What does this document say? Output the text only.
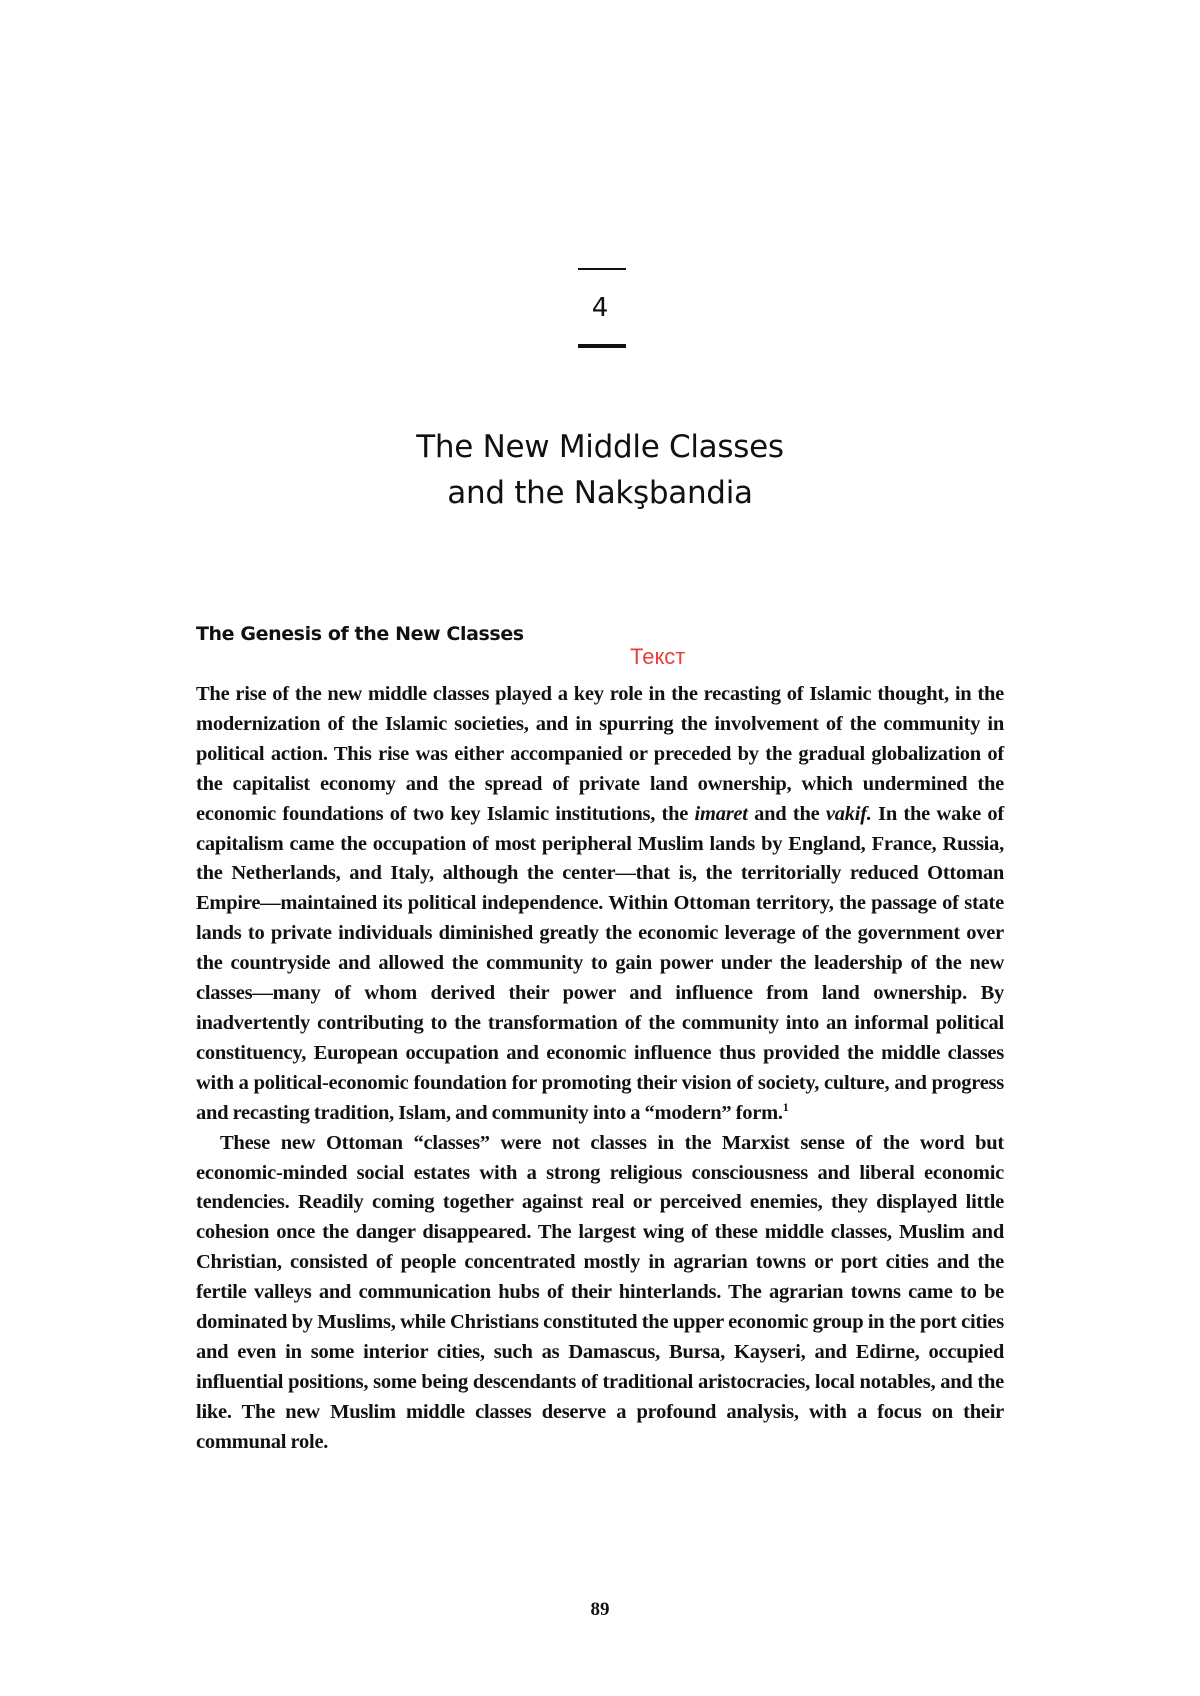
4
The New Middle Classes
and the Nakşbandia
The Genesis of the New Classes
Текст

The rise of the new middle classes played a key role in the recasting of Islamic thought, in the modernization of the Islamic societies, and in spurring the involvement of the community in political action. This rise was either accompanied or preceded by the gradual globalization of the capitalist economy and the spread of private land ownership, which undermined the economic foundations of two key Islamic institutions, the imaret and the vakif. In the wake of capitalism came the occupation of most peripheral Muslim lands by England, France, Russia, the Netherlands, and Italy, although the center—that is, the territorially reduced Ottoman Empire—maintained its political independence. Within Ottoman territory, the passage of state lands to private individuals diminished greatly the economic leverage of the government over the countryside and allowed the community to gain power under the leadership of the new classes—many of whom derived their power and influence from land ownership. By inadvertently contributing to the transformation of the community into an informal political constituency, European occupation and economic influence thus provided the middle classes with a political-economic foundation for promoting their vision of society, culture, and progress and recasting tradition, Islam, and community into a “modern” form.$^1$

These new Ottoman “classes” were not classes in the Marxist sense of the word but economic-minded social estates with a strong religious consciousness and liberal economic tendencies. Readily coming together against real or perceived enemies, they displayed little cohesion once the danger disappeared. The largest wing of these middle classes, Muslim and Christian, consisted of people concentrated mostly in agrarian towns or port cities and the fertile valleys and communication hubs of their hinterlands. The agrarian towns came to be dominated by Muslims, while Christians constituted the upper economic group in the port cities and even in some interior cities, such as Damascus, Bursa, Kayseri, and Edirne, occupied influential positions, some being descendants of traditional aristocracies, local notables, and the like. The new Muslim middle classes deserve a profound analysis, with a focus on their communal role.

89
